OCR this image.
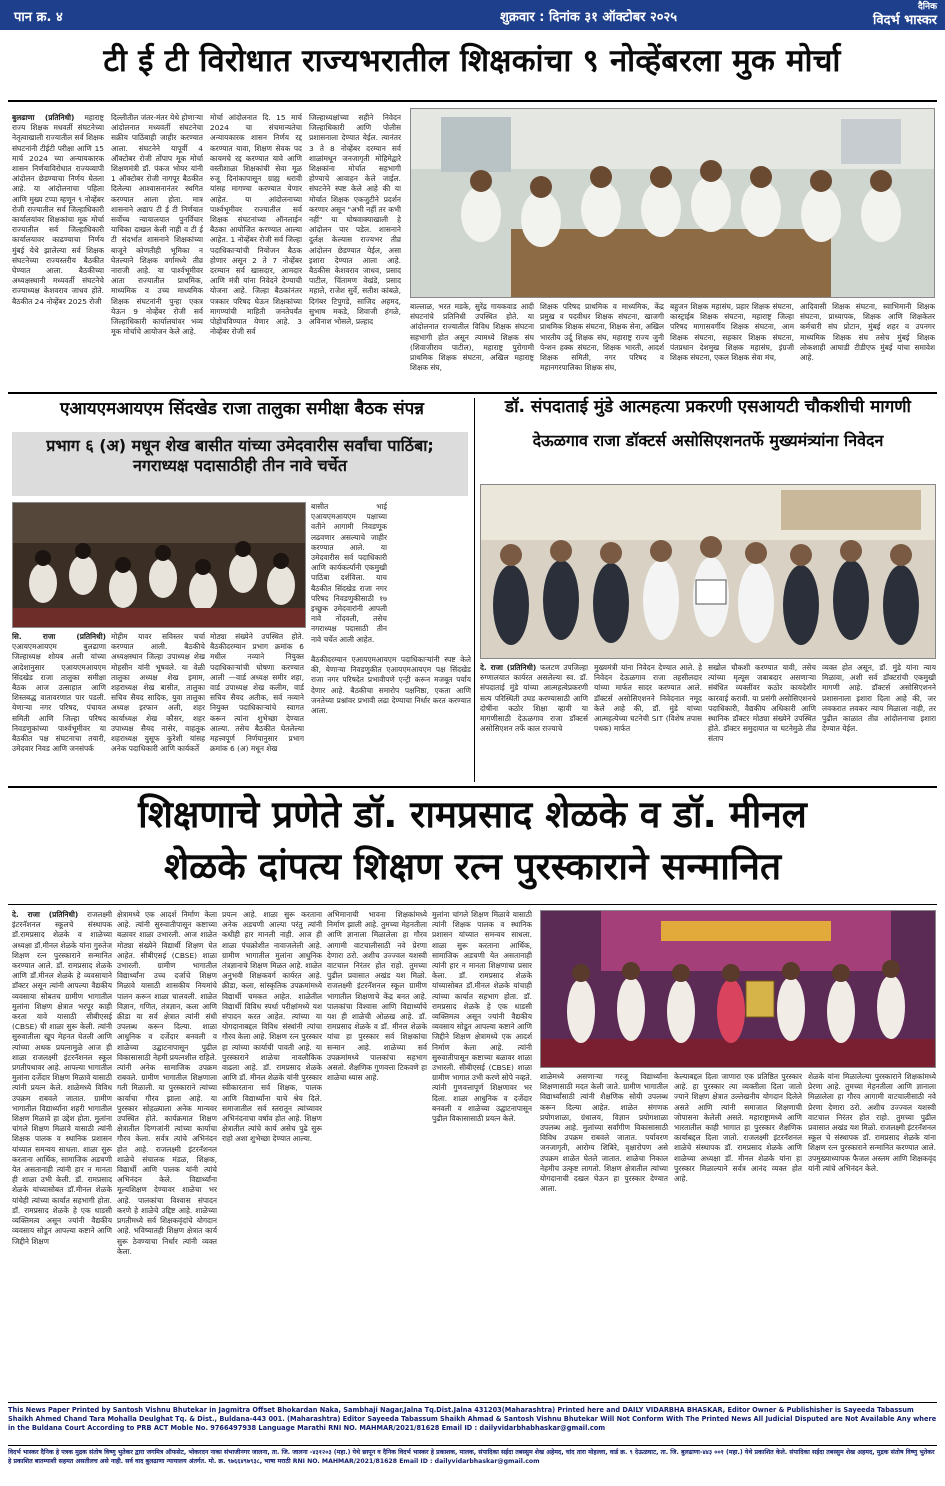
पान क्र. ४	शुक्रवार : दिनांक ३१ ऑक्टोबर २०२५
दैनिक
विदर्भ भास्कर
टी ई टी विरोधात राज्यभरातील शिक्षकांचा ९ नोव्हेंबरला मुक मोर्चा
बुलढाणा (प्रतिनिधी) महाराष्ट्र राज्य शिक्षक मधवर्ती संघटनेच्या नेतृत्वाखाली राज्यातील सर्व शिक्षक संघटनांनी टीईटी परीक्षा आणि 15 मार्च 2024 च्या अन्यायकारक शासन निर्णयाविरोधात राज्यव्यापी आंदोलन छेडण्याचा निर्णय घेतला आहे. या आंदोलनाचा पहिला आणि मुख्य टप्पा म्हणून ९ नोव्हेंबर रोजी राज्यातील सर्व जिल्हाधिकारी कार्यालयांवर शिक्षकांचा मूक मोर्चा राज्यातील सर्व जिल्हाधिकारी कार्यालयावर काढण्याचा निर्णय मुंबई येथे झालेल्या सर्व शिक्षक संघटनेच्या राज्यस्तरीय बैठकीत घेण्यात आला. बैठकीच्या अध्यक्षस्थानी मध्यवर्ती संघटनेचे राज्याध्यक्ष केशवराव जाधव होते. बैठकीत 24 नोव्हेंबर 2025 रोजी
दिल्लीतील जंतर-मंतर येथे होणाऱ्या आंदोलनात मध्यवर्ती संघटनेचा सक्रीय पाठिंबाही जाहीर करण्यात आला. संघटनेने यापूर्वी 4 ऑक्टोबर रोजी तोंपाप मूक मोर्चा शिक्षणमंत्री डॉ. पंकज भोयर यांनी 1 ऑक्टोबर रोजी नागपूर बैठकीत दिलेल्या आश्वासनानंतर स्थगित करण्यात आला होता. मात्र शासनाने अद्याप टी ई टी निर्णयात सर्वोच्च न्यायालयात पुनर्विचार याचिका दाखल केली नाही व टी ई टी संदर्भात शासनाने शिक्षकांच्या बाजूने कोणतीही भूमिका न घेतल्याने शिक्षक वर्गामध्ये तीव्र नाराजी आहे. या पार्श्वभूमीवर आता राज्यातील प्राथमिक, माध्यमिक व उच्च माध्यमिक शिक्षक संघटनांनी पुन्हा एकत्र येऊन 9 नोव्हेंबर रोजी सर्व जिल्हाधिकारी कार्यालयांवर भव्य मूक मोर्चाचे आयोजन केले आहे.
मोर्चा आंदोलनात दि. 15 मार्च 2024 चा संचमान्यतेचा अन्यायकारक शासन निर्णय रद्द करण्यात यावा, शिक्षण सेवक पद कायमचे रद्द करण्यात यावे आणि वस्तीशाळा शिक्षकांची सेवा मूळ रुजू दिनांकापासून ग्राह्य धरावी यांसह मागण्या करण्यात येणार आहेत. या आंदोलनाच्या पार्श्वभूमीवर राज्यातील सर्व शिक्षक संघटनांच्या ऑनलाईन बैठका आयोजित करण्यात आल्या आहेत. 1 नोव्हेंबर रोजी सर्व जिल्हा पदाधिकाऱ्यांची नियोजन बैठक होणार असून 2 ते 7 नोव्हेंबर दरम्यान सर्व खासदार, आमदार आणि मंत्री यांना निवेदने देण्याची योजना आहे. जिल्हा बैठकांनंतर पत्रकार परिषद घेऊन शिक्षकांच्या मागण्यांची माहिती जनतेपर्यंत पोहोचविण्यात येणार आहे. 3 नोव्हेंबर रोजी सर्व
जिल्हाध्यक्षांच्या सहीने निवेदन जिल्हाधिकारी आणि पोलीस प्रशासनाला देण्यात येईल. त्यानंतर 3 ते 8 नोव्हेंबर दरम्यान सर्व शाळांमधून जनजागृती मोहिमेद्वारे शिक्षकांना मोर्चात सहभागी होण्याचे आवाहन केले जाईल. संघटनेने स्पष्ट केले आहे की या मोर्चात शिक्षक एकजुटीने प्रदर्शन करणार असून "अभी नहीं तर कभी नहीं" या घोषवाक्याखाली हे आंदोलन पार पडेल. शासनाने दुर्लक्ष केल्यास राज्यभर तीव्र आंदोलन छेडण्यात येईल, असा इशारा देण्यात आला आहे. बैठकीस केशवराव जाधव, प्रसाद पाटील, चिंतामण वेखंडे, प्रसाद महाले, राजेश सुर्वे, सतीश कांबळे, दिगंबर टिपुगडे, साजिद अहमद, सुभाष मकडे, शिवाजी हंगळे, अविनाश भोसले, प्रल्हाद
बाल्लाळ, भरत मडके, सुरेंद्र गायकवाड आदी संघटनांचे प्रतिनिधी उपस्थित होते. या आंदोलनात राज्यातील विविध शिक्षक संघटना सहभागी होत असून त्यामध्ये शिक्षक संघ (शिवाजीराव पाटील), महाराष्ट्र पुरोगामी प्राथमिक शिक्षक संघटना, अखिल महाराष्ट्र शिक्षक संघ,
शिक्षक परिषद प्राथमिक व माध्यमिक, केंद्र प्रमुख व पदवीधर शिक्षक संघटना, खाजगी प्राथमिक शिक्षक संघटना, शिक्षक सेना, अखिल भारतीय उर्दू शिक्षक संघ, महाराष्ट्र राज्य जुनी पेन्शन हक्क संघटना, शिक्षक भारती, आदर्श शिक्षक समिती, नगर परिषद व महानगरपालिका शिक्षक संघ,
बहुजन शिक्षक महासंघ, प्रहार शिक्षक संघटना, कास्ट्राईब शिक्षक संघटना, महाराष्ट्र जिल्हा परिषद मागासवर्गीय शिक्षक संघटना, आम शिक्षक संघटना, सहकार शिक्षक संघटना, पंतप्रधान देशमुख शिक्षक महासंघ, इंग्रजी शिक्षक संघटना, एकल शिक्षक सेवा मंच,
आदिवासी शिक्षक संघटना, स्वाभिमानी शिक्षक संघटना, प्राध्यापक, शिक्षक आणि शिक्षकेतर कर्मचारी संघ प्रोटान, मुंबई शहर व उपनगर माध्यमिक शिक्षक संघ तसेच मुंबई शिक्षक लोकशाही आघाडी टीडीएफ मुंबई यांचा समावेश आहे.
एआयएमआयएम सिंदखेड राजा तालुका समीक्षा बैठक संपन्न
प्रभाग ६ (अ) मधून शेख बासीत यांच्या उमेदवारीस सर्वांचा पाठिंबा; नगराध्यक्ष पदासाठीही तीन नावे चर्चेत
सि. राजा (प्रतिनिधी) एआयएमआयएम बुलढाणा जिल्हाध्यक्ष शोयब अली यांच्या आदेशानुसार एआयएमआयएम सिंदखेड राजा तालुका समीक्षा बैठक आज उत्साहात आणि शिस्तबद्ध वातावरणात पार पडली. येणाऱ्या नगर परिषद, पंचायत समिती आणि जिल्हा परिषद निवडणुकांच्या पार्श्वभूमीवर या बैठकीत पक्ष संघटनाचा तयारी, उमेदवार निवड आणि जनसंपर्क
मोहीम यावर सविस्तर चर्चा करण्यात आली. बैठकीचे अध्यक्षस्थान जिल्हा उपाध्यक्ष शेख मोहसीन यांनी भूषवले. या वेळी तालुका अध्यक्ष शेख इमाम, शहराध्यक्ष शेख बासीत, तालुका सचिव सैयद सादिक, युवा तालुका अध्यक्ष इरफान अली, शहर कार्याध्यक्ष शेख कौसर, शहर उपाध्यक्ष सैयद नासेर, वाहतूक शहराध्यक्ष युसूफ कुरेशी यांसह अनेक पदाधिकारी आणि कार्यकर्ते
मोठ्या संख्येने उपस्थित होते. बैठकीदरम्यान प्रभाग क्रमांक 6 मधील नव्याने नियुक्त पदाधिकाऱ्यांची घोषणा करण्यात आली —वार्ड अध्यक्ष समीर शहा, वार्ड उपाध्यक्ष शेख कलीम, वार्ड सचिव सैयद अतीक, सर्व नव्याने नियुक्त पदाधिकाऱ्यांचे स्वागत करून त्यांना शुभेच्छा देण्यात आल्या. तसेच बैठकीत घेतलेल्या महत्त्वपूर्ण निर्णयानुसार प्रभाग क्रमांक 6 (अ) मधून शेख
बासीत भाई एआयएमआयएम पक्षाच्या वतीने आगामी निवडणूक लढवणार असल्याचे जाहीर करण्यात आले. या उमेदवारीस सर्व पदाधिकारी आणि कार्यकर्त्यांनी एकमुखी पाठिंबा दर्शविला. याच बैठकीत सिंदखेड राजा नगर परिषद निवडणुकीसाठी १७ इच्छुक उमेदवारांनी आपली नावे नोंदवली, तसेच नगराध्यक्ष पदासाठी तीन नावे चर्चेत आली आहेत.
बैठकीदरम्यान एआयएमआयएम पदाधिकाऱ्यांनी स्पष्ट केले की, येणाऱ्या निवडणुकीत एआयएमआयएम पक्ष सिंदखेड राजा नगर परिषदेत प्रभावीपणे एन्ट्री करून मजबूत पर्याय देणार आहे. बैठकीचा समारोप पक्षनिष्ठा, एकता आणि जनतेच्या प्रश्नांवर प्रभावी लढा देण्याचा निर्धार करत करण्यात आला.
डॉ. संपदाताई मुंडे आत्महत्या प्रकरणी एसआयटी चौकशीची मागणी
देऊळगाव राजा डॉक्टर्स असोसिएशनतर्फे मुख्यमंत्र्यांना निवेदन
दे. राजा (प्रतिनिधी) फलटण उपजिल्हा रुग्णालयात कार्यरत असलेल्या स्व. डॉ. संपदाताई मुंडे यांच्या आत्महत्येप्रकरणी सत्य परिस्थिती उघड करण्यासाठी आणि दोषींना कठोर शिक्षा व्हावी या मागणीसाठी देऊळगाव राजा डॉक्टर्स असोसिएशन तर्फे काल राज्याचे
मुख्यमंत्री यांना निवेदन देण्यात आले. हे निवेदन देऊळगाव राजा तहसीलदार यांच्या मार्फत सादर करण्यात आले. डॉक्टर्स असोसिएशनने निवेदनात नमूद केले आहे की, डॉ. मुंडे यांच्या आत्महत्येच्या घटनेची SIT (विशेष तपास पथक) मार्फत
सखोल चौकशी करण्यात यावी, तसेच त्यांच्या मृत्यूस जबाबदार असणाऱ्या संबंधित व्यक्तींवर कठोर कायदेशीर कारवाई करावी. या प्रसंगी असोसिएशनचे पदाधिकारी, वैद्यकीय अधिकारी आणि स्थानिक डॉक्टर मोठ्या संख्येने उपस्थित होते. डॉक्टर समुदायात या घटनेमुळे तीव्र संताप
व्यक्त होत असून, डॉ. मुंडे यांना न्याय मिळावा, अशी सर्व डॉक्टरांची एकमुखी मागणी आहे. डॉक्टर्स असोसिएशनने प्रशासनाला इशारा दिला आहे की, जर लवकरात लवकर न्याय मिळाला नाही, तर पुढील काळात तीव्र आंदोलनाचा इशारा देण्यात येईल.
शिक्षणाचे प्रणेते डॉ. रामप्रसाद शेळके व डॉ. मीनल
शेळके दांपत्य शिक्षण रत्न पुरस्काराने सन्मानित
दे. राजा (प्रतिनिधी) राजलक्ष्मी इंटरनॅशनल स्कूलचे संस्थापक डॉ.रामप्रसाद शेळके व शाळेच्या अध्यक्षा डॉ.मीनल शेळके यांना गुरुतेज शिक्षण रत्न पुरस्काराने सन्मानित करण्यात आले. डॉ. रामप्रसाद शेळके आणि डॉ.मीनल शेळके हे व्यवसायाने डॉक्टर असून त्यांनी आपल्या वैद्यकीय व्यवसाया सोबतच ग्रामीण भागातील मुलांना शिक्षण क्षेत्रात भरपूर काही करता यावे यासाठी सीबीएसई (CBSE) ची शाळा सुरू केली. त्यांनी सुरुवातीला खूप मेहनत घेतली आणि त्यांच्या अथक प्रयत्नामुळे आज ही शाळा राजलक्ष्मी इंटरनॅशनल स्कूल प्रगतीपथावर आहे. आपल्या भागातील मुलांना दर्जेदार शिक्षण मिळावे यासाठी त्यांनी प्रयत्न केले. शाळेमध्ये विविध उपक्रम राबवले जातात. ग्रामीण भागातील विद्यार्थ्यांना शहरी भागातील शिक्षण मिळावे हा उद्देश होता. मुलांना चांगले शिक्षण मिळावे यासाठी त्यांनी शिक्षक पालक व स्थानिक प्रशासन यांच्यात समन्वय साधला. शाळा सुरू करताना आर्थिक, सामाजिक अडचणी येत असतानाही त्यांनी हार न मानता ही शाळा उभी केली. डॉ. रामप्रसाद शेळके यांच्यासोबत डॉ.मीनल शेळके यांचेही त्यांच्या कार्यात सहभागी होता. डॉ. रामप्रसाद शेळके हे एक धाडसी व्यक्तिमत्व असून ज्यांनी वैद्यकीय व्यवसाय सोडून आपल्या कष्टाने आणि जिद्दीने शिक्षण
क्षेत्रामध्ये एक आदर्श निर्माण केला आहे. त्यांनी सुरुवातीपासून कष्टाच्या बळावर शाळा उभारली. आज शाळेत मोठ्या संख्येने विद्यार्थी शिक्षण घेत आहेत. सीबीएसई (CBSE) शाळा उभारली. ग्रामीण भागातील विद्यार्थ्यांना उच्च दर्जाचे शिक्षण मिळावे यासाठी शासकीय नियमांचे पालन करून शाळा चालवली. शाळेत विज्ञान, गणित, तंत्रज्ञान, कला आणि क्रीडा या सर्व क्षेत्रात त्यांनी संधी उपलब्ध करून दिल्या. शाळा आधुनिक व दर्जेदार बनवली व शाळेच्या उद्घाटनापासून पुढील विकासासाठी नेहमी प्रयत्नशील राहिले. त्यांनी अनेक सामाजिक उपक्रम राबवले. ग्रामीण भागातील शिक्षणाला गती मिळाली. या पुरस्काराने त्यांच्या कार्याचा गौरव झाला आहे. या पुरस्कार सोहळ्याला अनेक मान्यवर उपस्थित होते. कार्यक्रमात शिक्षण क्षेत्रातील दिग्गजांनी त्यांच्या कार्याचा गौरव केला. सर्वत्र त्यांचे अभिनंदन होत आहे. राजलक्ष्मी इंटरनॅशनल शाळेचे संचालक मंडळ, शिक्षक, विद्यार्थी आणि पालक यांनी त्यांचे अभिनंदन केले. विद्यार्थ्यांना मूल्यशिक्षण देण्यावर शाळेचा भर आहे. पालकांचा विश्वास संपादन करणे हे शाळेचे उद्दिष्ट आहे. शाळेच्या प्रगतीमध्ये सर्व शिक्षकवृंदांचे योगदान आहे. भविष्यातही शिक्षण क्षेत्रात कार्य सुरू ठेवण्याचा निर्धार त्यांनी व्यक्त केला.
प्रयत्न आहे. शाळा सुरू करताना अनेक अडचणी आल्या परंतु त्यांनी कधीही हार मानली नाही. आज ही शाळा पंचक्रोशीत नावाजलेली आहे. ग्रामीण भागातील मुलांना आधुनिक तंत्रज्ञानाचे शिक्षण मिळत आहे. शाळेत अनुभवी शिक्षकवर्ग कार्यरत आहे. क्रीडा, कला, सांस्कृतिक उपक्रमांमध्ये विद्यार्थी चमकत आहेत. शाळेतील विद्यार्थी विविध स्पर्धा परीक्षांमध्ये यश संपादन करत आहेत. त्यांच्या या योगदानाबद्दल विविध संस्थांनी त्यांचा गौरव केला आहे. शिक्षण रत्न पुरस्कार हा त्यांच्या कार्याची पावती आहे. या पुरस्काराने शाळेचा नावलौकिक वाढला आहे. डॉ. रामप्रसाद शेळके आणि डॉ. मीनल शेळके यांनी पुरस्कार स्वीकारताना सर्व शिक्षक, पालक आणि विद्यार्थ्यांना याचे श्रेय दिले. समाजातील सर्व स्तरातून त्यांच्यावर अभिनंदनाचा वर्षाव होत आहे. शिक्षण क्षेत्रातील त्यांचे कार्य असेच पुढे सुरू राहो अशा शुभेच्छा देण्यात आल्या.
अभिमानाची भावना शिक्षकांमध्ये निर्माण झाली आहे. तुमच्या मेहनतीला आणि ज्ञानाला मिळालेला हा गौरव आगामी वाटचालीसाठी नवे प्रेरणा देणारा ठरो. अशीच उज्ज्वल यशस्वी वाटचाल निरंतर होत राहो. तुमच्या पुढील प्रवासात अखंड यश मिळो. राजलक्ष्मी इंटरनॅशनल स्कूल ग्रामीण भागातील शिक्षणाचे केंद्र बनत आहे. पालकांचा विश्वास आणि विद्यार्थ्यांचे यश ही शाळेची ओळख आहे. डॉ. रामप्रसाद शेळके व डॉ. मीनल शेळके यांचा हा पुरस्कार सर्व शिक्षकांचा सन्मान आहे. शाळेच्या सर्व उपक्रमांमध्ये पालकांचा सहभाग असतो. शैक्षणिक गुणवत्ता टिकवणे हा शाळेचा ध्यास आहे.
मुलांना चांगले शिक्षण मिळावे यासाठी त्यांनी शिक्षक पालक व स्थानिक प्रशासन यांच्यात समन्वय साधला. शाळा सुरू करताना आर्थिक, सामाजिक अडचणी येत असतानाही त्यांनी हार न मानता शिक्षणाचा प्रसार केला. डॉ. रामप्रसाद शेळके यांच्यासोबत डॉ.मीनल शेळके यांचाही त्यांच्या कार्यात सहभाग होता. डॉ. रामप्रसाद शेळके हे एक धाडसी व्यक्तिमत्व असून ज्यांनी वैद्यकीय व्यवसाय सोडून आपल्या कष्टाने आणि जिद्दीने शिक्षण क्षेत्रामध्ये एक आदर्श निर्माण केला आहे. त्यांनी सुरुवातीपासून कष्टाच्या बळावर शाळा उभारली. सीबीएसई (CBSE) शाळा ग्रामीण भागात उभी करणे सोपे नव्हते. त्यांनी गुणवत्तापूर्ण शिक्षणावर भर दिला. शाळा आधुनिक व दर्जेदार बनवली व शाळेच्या उद्घाटनापासून पुढील विकासासाठी प्रयत्न केले.
शाळेमध्ये असणाऱ्या गरजू विद्यार्थ्यांना शिक्षणासाठी मदत केली जाते. ग्रामीण भागातील विद्यार्थ्यांसाठी त्यांनी शैक्षणिक सोयी उपलब्ध करून दिल्या आहेत. शाळेत संगणक प्रयोगशाळा, ग्रंथालय, विज्ञान प्रयोगशाळा उपलब्ध आहे. मुलांच्या सर्वांगीण विकासासाठी विविध उपक्रम राबवले जातात. पर्यावरण जनजागृती, आरोग्य शिबिरे, वृक्षारोपण असे उपक्रम शाळेत घेतले जातात. शाळेचा निकाल नेहमीच उत्कृष्ट लागतो. शिक्षण क्षेत्रातील त्यांच्या योगदानाची दखल घेऊन हा पुरस्कार देण्यात आला.
केल्याबद्दल दिला जाणारा एक प्रतिष्ठित पुरस्कार आहे. हा पुरस्कार त्या व्यक्तीला दिला जातो ज्याने शिक्षण क्षेत्रात उल्लेखनीय योगदान दिलेले असते आणि त्यांनी समाजात शिक्षणाची जोपासना केलेली असते. महाराष्ट्रामध्ये आणि भारतातील काही भागात हा पुरस्कार शैक्षणिक कार्याबद्दल दिला जातो. राजलक्ष्मी इंटरनॅशनल शाळेचे संस्थापक डॉ. रामप्रसाद शेळके आणि शाळेच्या अध्यक्षा डॉ. मीनल शेळके यांना हा पुरस्कार मिळाल्याने सर्वत्र आनंद व्यक्त होत आहे.
शेळके यांना मिळालेल्या पुरस्काराने शिक्षकांमध्ये प्रेरणा आहे. तुमच्या मेहनतीला आणि ज्ञानाला मिळालेला हा गौरव आगामी वाटचालीसाठी नवे प्रेरणा देणारा ठरो. अशीच उज्ज्वल यशस्वी वाटचाल निरंतर होत राहो. तुमच्या पुढील प्रवासात अखंड यश मिळो. राजलक्ष्मी इंटरनॅशनल स्कूल चे संस्थापक डॉ. रामप्रसाद शेळके यांना शिक्षण रत्न पुरस्काराने सन्मानित करण्यात आले. उपमुख्याध्यापक फैजल अस्लम आणि शिक्षकवृंद यांनी त्यांचे अभिनंदन केले.
This News Paper Printed by Santosh Vishnu Bhutekar in Jagmitra Offset Bhokardan Naka, Sambhaji Nagar,Jalna Tq.Dist.Jalna 431203(Maharashtra) Printed here and DAILY VIDARBHA BHASKAR, Editor Owner & Publishisher is Sayeeda Tabassum Shaikh Ahmed Chand Tara Mohalla Deulghat Tq. & Dist., Buldana-443 001. (Maharashtra) Editor Sayeeda Tabassum Shaikh Ahmad & Santosh Vishnu Bhutekar Will Not Conform With The Printed News All Judicial Disputed are Not Available Any where in the Buldana Court According to PRB ACT Moble No. 9766497938 Language Marathi RNI NO. MAHMAR/2021/81628 Email ID : dailyvidarbhabhaskar@gmail.com
विदर्भ भास्कर दैनिक हे पत्रक मुद्रक संतोष विष्णु भुतेकर द्वारा जगमित्र ऑफसेट, भोकरदन नाका संभाजीनगर जालना, ता. जि. जालना -४३१२०३ (महा.) येथे छापून व दैनिक विदर्भ भास्कर हे प्रकाशक, मालक, संपादिका सईदा तबस्सुम शेख अहेमद, चांद तारा मोहल्ला, वार्ड क्र. ९ देऊळघाट, ता. जि. बुलढाणा-४४३ ००१ (महा.) येथे प्रकाशित केले. संपादिका सईदा तबस्सुम शेख अहमद, मुद्रक संतोष विष्णु भुतेकर हे प्रकाशित बातम्याशी सहमत असतीलच असे नाही. सर्व वाद बुलढाणा न्यायालय अंतर्गत. मो. क्र. ९७६६४९७९३८, भाषा मराठी RNI NO. MAHMAR/2021/81628 Email ID : dailyvidarbhaskar@gmail.com
